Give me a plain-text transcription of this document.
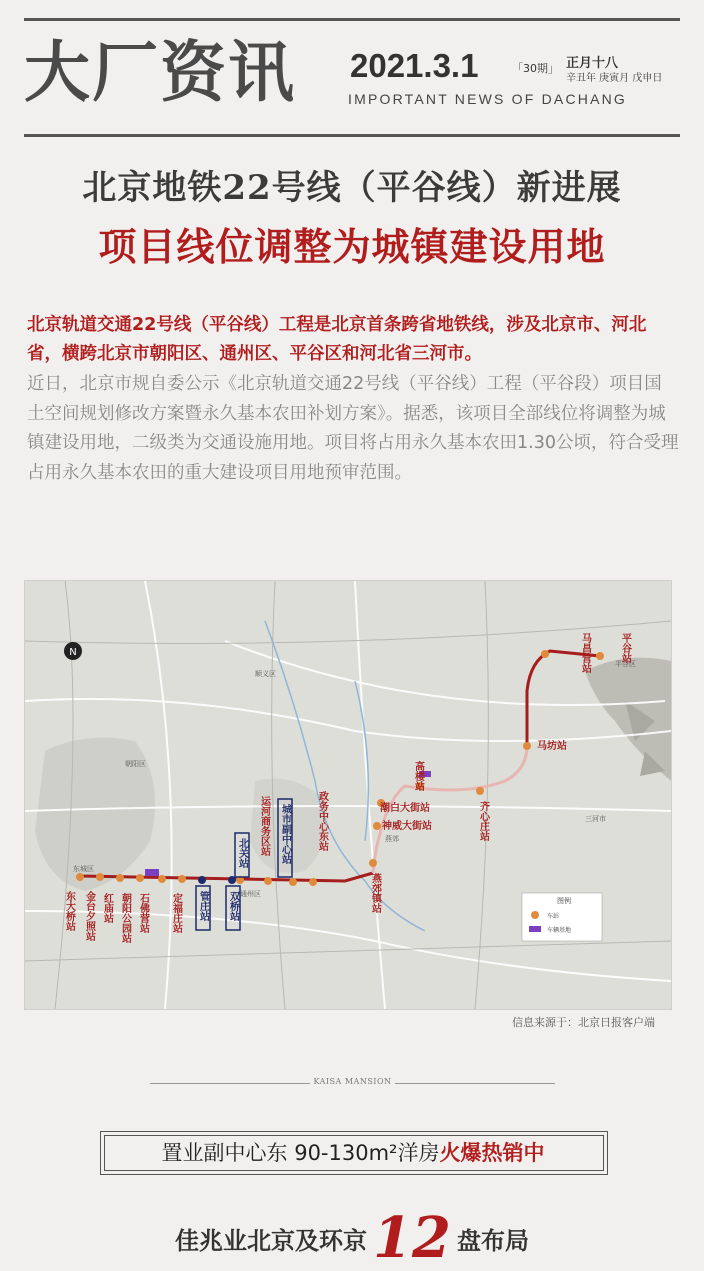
大厂资讯 2021.3.1	「30期」 正月十八
辛丑年 庚寅月 戊申日
IMPORTANT NEWS OF DACHANG
北京地铁22号线（平谷线）新进展
项目线位调整为城镇建设用地
北京轨道交通22号线（平谷线）工程是北京首条跨省地铁线，涉及北京市、河北省，横跨北京市朝阳区、通州区、平谷区和河北省三河市。
近日，北京市规自委公示《北京轨道交通22号线（平谷线）工程（平谷段）项目国土空间规划修改方案暨永久基本农田补划方案》。据悉，该项目全部线位将调整为城镇建设用地，二级类为交通设施用地。项目将占用永久基本农田1.30公顷，符合受理占用永久基本农田的重大建设项目用地预审范围。
N
东城区
朝阳区
通州区
顺义区
平谷区
三河市
燕郊
东大桥站 金台夕照站 红庙站 朝阳公园站 石佛营站 定福庄站
运河商务区站	政务中心东站
燕郊镇站
齐心庄站
马昌营站	平谷站
高楼站
潮白大街站
神威大街站
马坊站
管庄站 双桥站
北关站	城市副中心站
图例
车站
车辆基地
信息来源于：北京日报客户端
KAISA MANSION
置业副中心东 90-130m²洋房火爆热销中
佳兆业北京及环京 12 盘布局
